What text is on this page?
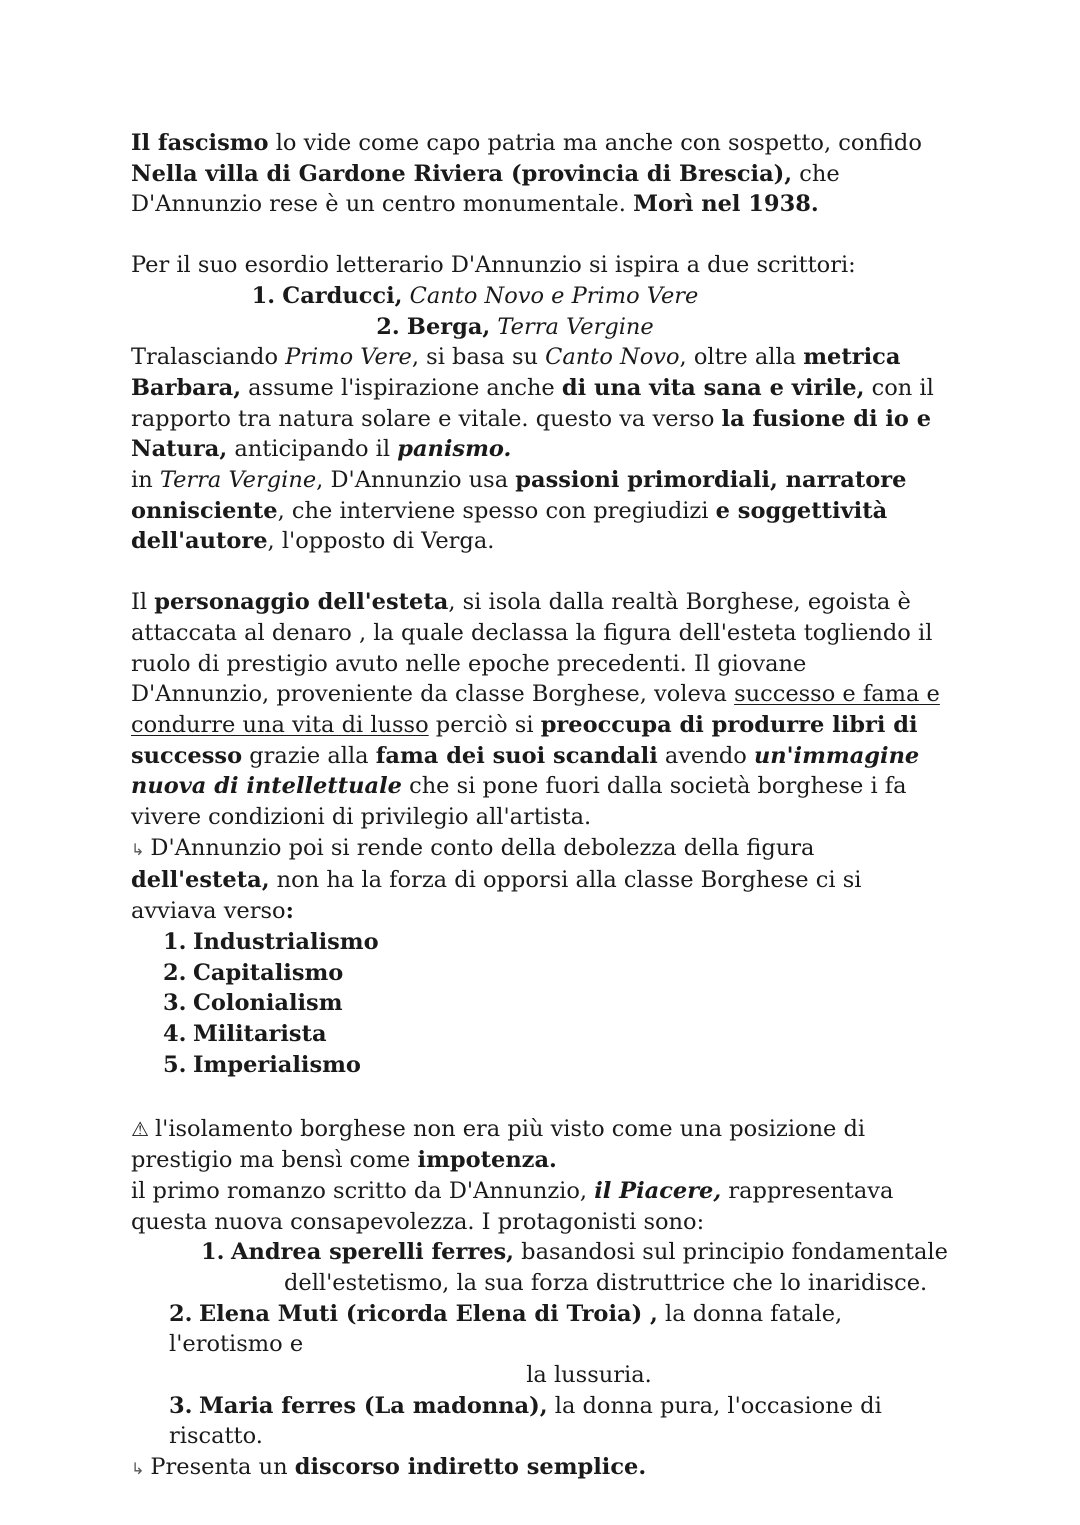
Il fascismo lo vide come capo patria ma anche con sospetto, confido Nella villa di Gardone Riviera (provincia di Brescia), che D'Annunzio rese è un centro monumentale. Morì nel 1938.

Per il suo esordio letterario D'Annunzio si ispira a due scrittori:

1. Carducci, Canto Novo e Primo Vere
2. Berga, Terra Vergine

Tralasciando Primo Vere, si basa su Canto Novo, oltre alla metrica Barbara, assume l'ispirazione anche di una vita sana e virile, con il rapporto tra natura solare e vitale. questo va verso la fusione di io e Natura, anticipando il panismo.

in Terra Vergine, D'Annunzio usa passioni primordiali, narratore onnisciente, che interviene spesso con pregiudizi e soggettività dell'autore, l'opposto di Verga.

Il personaggio dell'esteta, si isola dalla realtà Borghese, egoista è attaccata al denaro , la quale declassa la figura dell'esteta togliendo il ruolo di prestigio avuto nelle epoche precedenti. Il giovane D'Annunzio, proveniente da classe Borghese, voleva successo e fama e condurre una vita di lusso perciò si preoccupa di produrre libri di successo grazie alla fama dei suoi scandali avendo un'immagine nuova di intellettuale che si pone fuori dalla società borghese i fa vivere condizioni di privilegio all'artista.

↳ D'Annunzio poi si rende conto della debolezza della figura dell'esteta, non ha la forza di opporsi alla classe Borghese ci si avviava verso:

1. Industrialismo
2. Capitalismo
3. Colonialism
4. Militarista
5. Imperialismo

⚠ l'isolamento borghese non era più visto come una posizione di prestigio ma bensì come impotenza.

il primo romanzo scritto da D'Annunzio, il Piacere, rappresentava questa nuova consapevolezza. I protagonisti sono:

1. Andrea sperelli ferres, basandosi sul principio fondamentale
dell'estetismo, la sua forza distruttrice che lo inaridisce.
2. Elena Muti (ricorda Elena di Troia) , la donna fatale, l'erotismo e
la lussuria.
3. Maria ferres (La madonna), la donna pura, l'occasione di riscatto.

↳ Presenta un discorso indiretto semplice.
